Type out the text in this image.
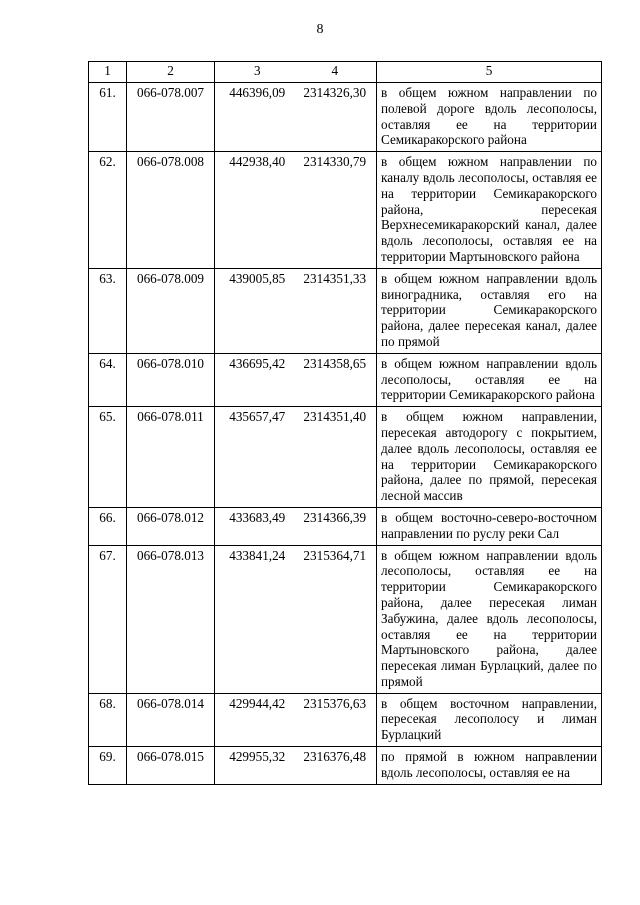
8
1	2	3	4	5
61.	066-078.007	446396,09	2314326,30	в общем южном направлении по полевой дороге вдоль лесополосы, оставляя ее на территории Семикаракорского района
62.	066-078.008	442938,40	2314330,79	в общем южном направлении по каналу вдоль лесополосы, оставляя ее на территории Семикаракорского района, пересекая Верхнесемикаракорский канал, далее вдоль лесополосы, оставляя ее на территории Мартыновского района
63.	066-078.009	439005,85	2314351,33	в общем южном направлении вдоль виноградника, оставляя его на территории Семикаракорского района, далее пересекая канал, далее по прямой
64.	066-078.010	436695,42	2314358,65	в общем южном направлении вдоль лесополосы, оставляя ее на территории Семикаракорского района
65.	066-078.011	435657,47	2314351,40	в общем южном направлении, пересекая автодорогу с покрытием, далее вдоль лесополосы, оставляя ее на территории Семикаракорского района, далее по прямой, пересекая лесной массив
66.	066-078.012	433683,49	2314366,39	в общем восточно-северо-восточном направлении по руслу реки Сал
67.	066-078.013	433841,24	2315364,71	в общем южном направлении вдоль лесополосы, оставляя ее на территории Семикаракорского района, далее пересекая лиман Забужина, далее вдоль лесополосы, оставляя ее на территории Мартыновского района, далее пересекая лиман Бурлацкий, далее по прямой
68.	066-078.014	429944,42	2315376,63	в общем восточном направлении, пересекая лесополосу и лиман Бурлацкий
69.	066-078.015	429955,32	2316376,48	по прямой в южном направлении вдоль лесополосы, оставляя ее на
